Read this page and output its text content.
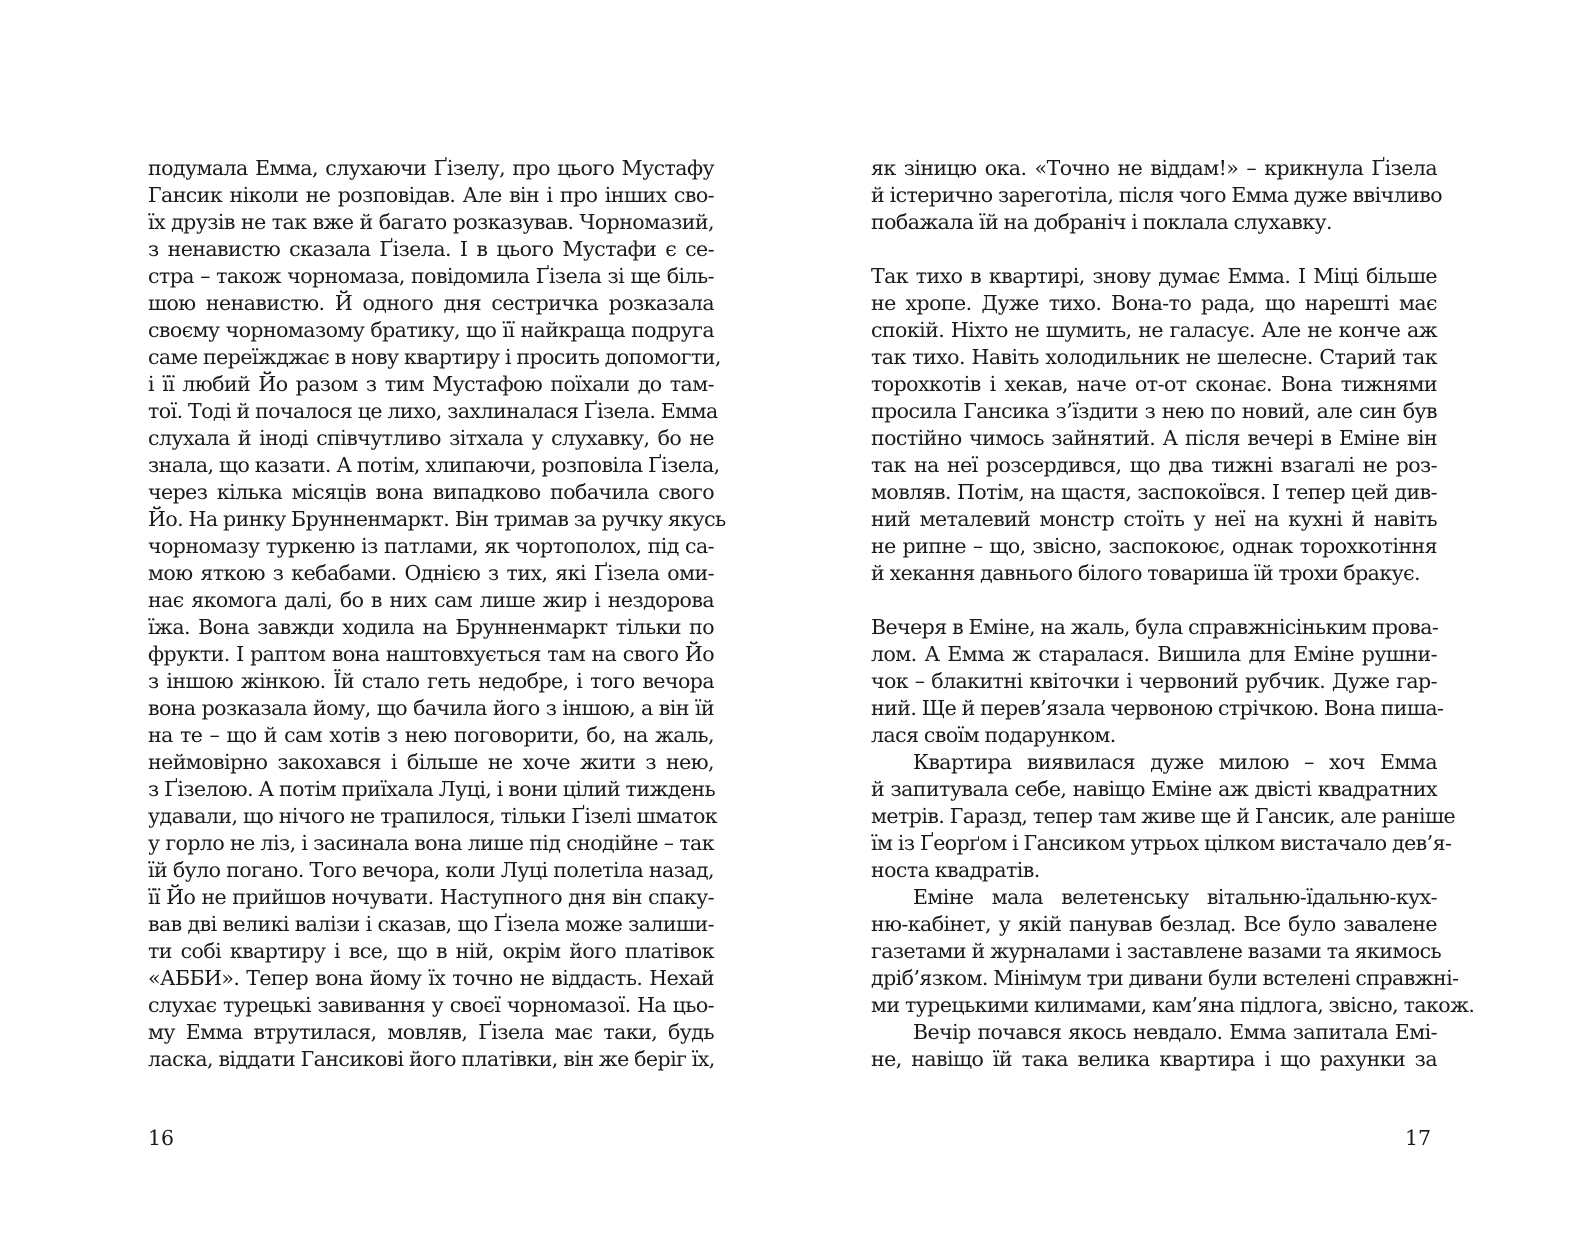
подумала Емма, слухаючи Ґізелу, про цього Мустафу
Гансик ніколи не розповідав. Але він і про інших сво-
їх друзів не так вже й багато розказував. Чорномазий,
з ненавистю сказала Ґізела. І в цього Мустафи є се-
стра – також чорномаза, повідомила Ґізела зі ще біль-
шою ненавистю. Й одного дня сестричка розказала
своєму чорномазому братику, що її найкраща подруга
саме переїжджає в нову квартиру і просить допомогти,
і її любий Йо разом з тим Мустафою поїхали до там-
тої. Тоді й почалося це лихо, захлиналася Ґізела. Емма
слухала й іноді співчутливо зітхала у слухавку, бо не
знала, що казати. А потім, хлипаючи, розповіла Ґізела,
через кілька місяців вона випадково побачила свого
Йо. На ринку Брунненмаркт. Він тримав за ручку якусь
чорномазу туркеню із патлами, як чортополох, під са-
мою яткою з кебабами. Однією з тих, які Ґізела оми-
нає якомога далі, бо в них сам лише жир і нездорова
їжа. Вона завжди ходила на Брунненмаркт тільки по
фрукти. І раптом вона наштовхується там на свого Йо
з іншою жінкою. Їй стало геть недобре, і того вечора
вона розказала йому, що бачила його з іншою, а він їй
на те – що й сам хотів з нею поговорити, бо, на жаль,
неймовірно закохався і більше не хоче жити з нею,
з Ґізелою. А потім приїхала Луці, і вони цілий тиждень
удавали, що нічого не трапилося, тільки Ґізелі шматок
у горло не ліз, і засинала вона лише під снодійне – так
їй було погано. Того вечора, коли Луці полетіла назад,
її Йо не прийшов ночувати. Наступного дня він спаку-
вав дві великі валізи і сказав, що Ґізела може залиши-
ти собі квартиру і все, що в ній, окрім його платівок
«АББИ». Тепер вона йому їх точно не віддасть. Нехай
слухає турецькі завивання у своєї чорномазої. На цьо-
му Емма втрутилася, мовляв, Ґізела має таки, будь
ласка, віддати Гансикові його платівки, він же беріг їх,
16
як зіницю ока. «Точно не віддам!» – крикнула Ґізела
й істерично зареготіла, після чого Емма дуже ввічливо
побажала їй на добраніч і поклала слухавку.
Так тихо в квартирі, знову думає Емма. І Міці більше
не хропе. Дуже тихо. Вона-то рада, що нарешті має
спокій. Ніхто не шумить, не галасує. Але не конче аж
так тихо. Навіть холодильник не шелесне. Старий так
торохкотів і хекав, наче от-от сконає. Вона тижнями
просила Гансика з’їздити з нею по новий, але син був
постійно чимось зайнятий. А після вечері в Еміне він
так на неї розсердився, що два тижні взагалі не роз-
мовляв. Потім, на щастя, заспокоївся. І тепер цей див-
ний металевий монстр стоїть у неї на кухні й навіть
не рипне – що, звісно, заспокоює, однак торохкотіння
й хекання давнього білого товариша їй трохи бракує.
Вечеря в Еміне, на жаль, була справжнісіньким прова-
лом. А Емма ж старалася. Вишила для Еміне рушни-
чок – блакитні квіточки і червоний рубчик. Дуже гар-
ний. Ще й перев’язала червоною стрічкою. Вона пиша-
лася своїм подарунком.
Квартира виявилася дуже милою – хоч Емма
й запитувала себе, навіщо Еміне аж двісті квадратних
метрів. Гаразд, тепер там живе ще й Гансик, але раніше
їм із Ґеорґом і Гансиком утрьох цілком вистачало дев’я-
носта квадратів.
Еміне мала велетенську вітальню-їдальню-кух-
ню-кабінет, у якій панував безлад. Все було завалене
газетами й журналами і заставлене вазами та якимось
дріб’язком. Мінімум три дивани були встелені справжні-
ми турецькими килимами, кам’яна підлога, звісно, також.
Вечір почався якось невдало. Емма запитала Емі-
не, навіщо їй така велика квартира і що рахунки за
17
